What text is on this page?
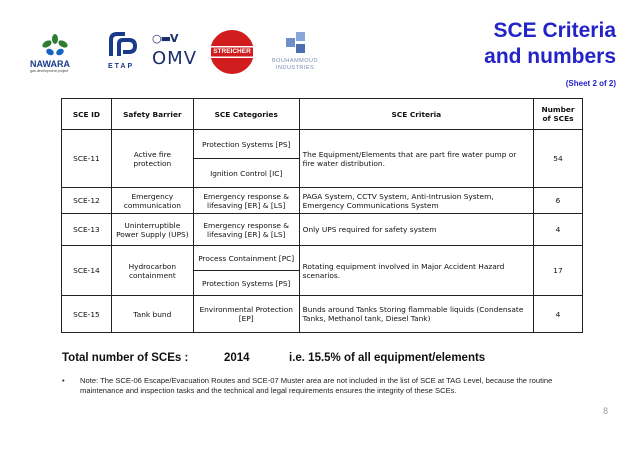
NAWARA
gas development project
ETAP
○▬V
OMV	STREICHER
BOUHAMMOUD
INDUSTRIES
SCE Criteria
and numbers
(Sheet 2 of 2)
SCE ID	Safety Barrier	SCE Categories	SCE Criteria	Number of SCEs
SCE-11	Active fire protection	Protection Systems [PS]	The Equipment/Elements that are part fire water pump or fire water distribution.	54
		Ignition Control [IC]		
SCE-12	Emergency communication	Emergency response & lifesaving [ER] & [LS]	PAGA System, CCTV System, Anti-Intrusion System, Emergency Communications System	6
SCE-13	Uninterruptible Power Supply (UPS)	Emergency response & lifesaving [ER] & [LS]	Only UPS required for safety system	4
SCE-14	Hydrocarbon containment	Process Containment [PC]	Rotating equipment involved in Major Accident Hazard scenarios.	17
		Protection Systems [PS]		
SCE-15	Tank bund	Environmental Protection [EP]	Bunds around Tanks Storing flammable liquids (Condensate Tanks, Methanol tank, Diesel Tank)	4
Total number of SCEs :	2014	i.e. 15.5% of all equipment/elements
• Note: The SCE-06 Escape/Evacuation Routes and SCE-07 Muster area are not included in the list of SCE at TAG Level, because the routine maintenance and inspection tasks and the technical and legal requirements ensures the integrity of these SCEs.
8
